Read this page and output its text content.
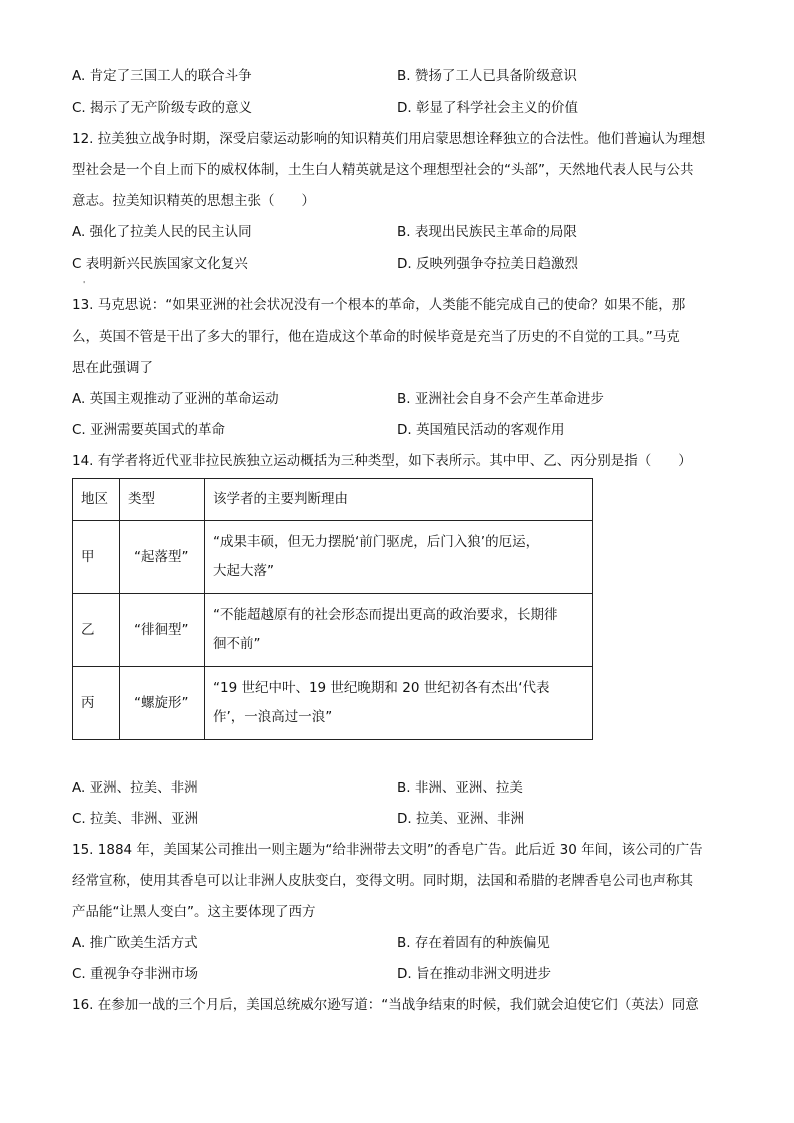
A. 肯定了三国工人的联合斗争	B. 赞扬了工人已具备阶级意识
C. 揭示了无产阶级专政的意义	D. 彰显了科学社会主义的价值
12. 拉美独立战争时期，深受启蒙运动影响的知识精英们用启蒙思想诠释独立的合法性。他们普遍认为理想
型社会是一个自上而下的威权体制，土生白人精英就是这个理想型社会的“头部”，天然地代表人民与公共
意志。拉美知识精英的思想主张（　　）
A. 强化了拉美人民的民主认同	B. 表现出民族民主革命的局限
C 表明新兴民族国家文化复兴	D. 反映列强争夺拉美日趋激烈
'
13. 马克思说：“如果亚洲的社会状况没有一个根本的革命，人类能不能完成自己的使命？如果不能，那
么，英国不管是干出了多大的罪行，他在造成这个革命的时候毕竟是充当了历史的不自觉的工具。”马克
思在此强调了
A. 英国主观推动了亚洲的革命运动	B. 亚洲社会自身不会产生革命进步
C. 亚洲需要英国式的革命	D. 英国殖民活动的客观作用
14. 有学者将近代亚非拉民族独立运动概括为三种类型，如下表所示。其中甲、乙、丙分别是指（　　）
地区	类型	该学者的主要判断理由
甲	“起落型”	“成果丰硕，但无力摆脱‘前门驱虎，后门入狼’的厄运，
大起大落”

乙	“徘徊型”	“不能超越原有的社会形态而提出更高的政治要求，长期徘
徊不前”

丙	“螺旋形”	“19 世纪中叶、19 世纪晚期和 20 世纪初各有杰出‘代表
作’，一浪高过一浪”
A. 亚洲、拉美、非洲	B. 非洲、亚洲、拉美
C. 拉美、非洲、亚洲	D. 拉美、亚洲、非洲
15. 1884 年，美国某公司推出一则主题为“给非洲带去文明”的香皂广告。此后近 30 年间，该公司的广告
经常宣称，使用其香皂可以让非洲人皮肤变白，变得文明。同时期，法国和希腊的老牌香皂公司也声称其
产品能“让黑人变白”。这主要体现了西方
A. 推广欧美生活方式	B. 存在着固有的种族偏见
C. 重视争夺非洲市场	D. 旨在推动非洲文明进步
16. 在参加一战的三个月后，美国总统威尔逊写道：“当战争结束的时候，我们就会迫使它们（英法）同意
